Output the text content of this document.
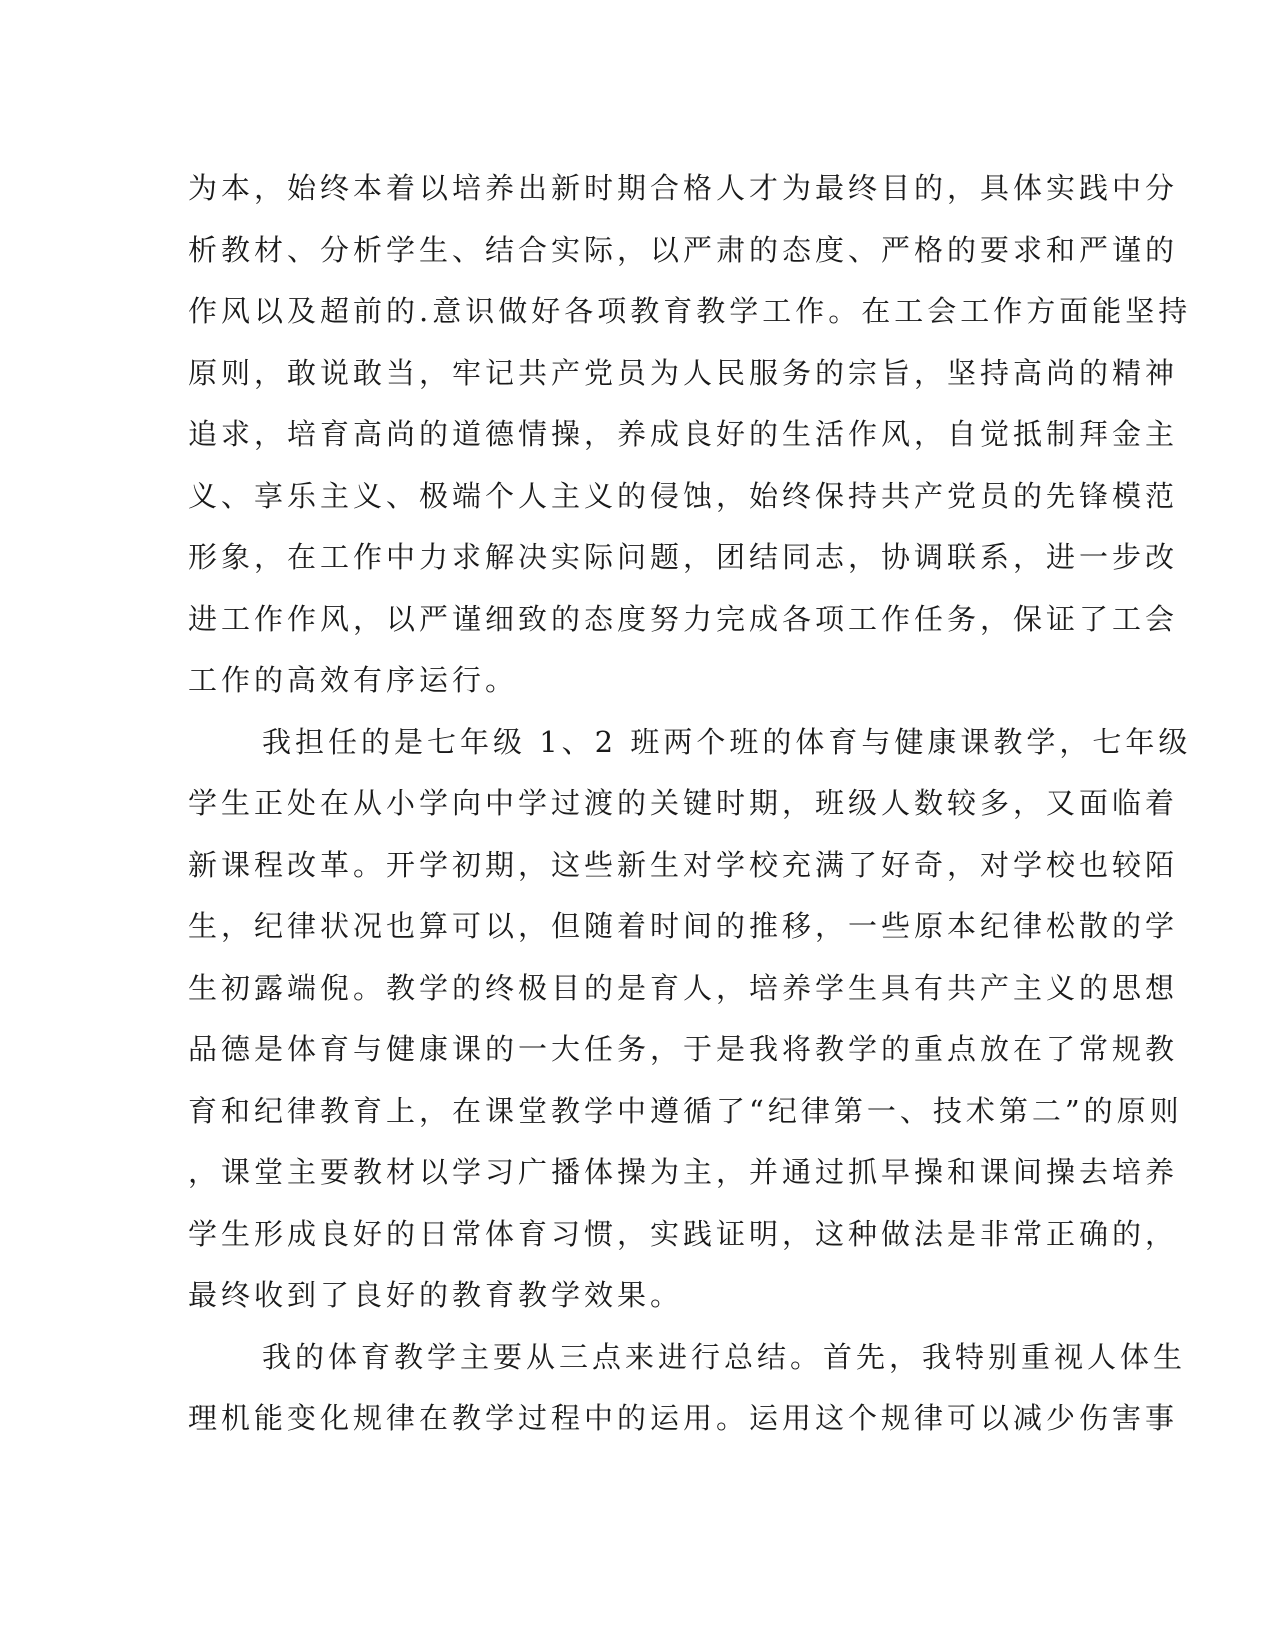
为本，始终本着以培养出新时期合格人才为最终目的，具体实践中分
析教材、分析学生、结合实际，以严肃的态度、严格的要求和严谨的
作风以及超前的.意识做好各项教育教学工作。在工会工作方面能坚持
原则，敢说敢当，牢记共产党员为人民服务的宗旨，坚持高尚的精神
追求，培育高尚的道德情操，养成良好的生活作风，自觉抵制拜金主
义、享乐主义、极端个人主义的侵蚀，始终保持共产党员的先锋模范
形象，在工作中力求解决实际问题，团结同志，协调联系，进一步改
进工作作风，以严谨细致的态度努力完成各项工作任务，保证了工会
工作的高效有序运行。
我担任的是七年级 1、2 班两个班的体育与健康课教学，七年级
学生正处在从小学向中学过渡的关键时期，班级人数较多，又面临着
新课程改革。开学初期，这些新生对学校充满了好奇，对学校也较陌
生，纪律状况也算可以，但随着时间的推移，一些原本纪律松散的学
生初露端倪。教学的终极目的是育人，培养学生具有共产主义的思想
品德是体育与健康课的一大任务，于是我将教学的重点放在了常规教
育和纪律教育上，在课堂教学中遵循了“纪律第一、技术第二”的原则
，课堂主要教材以学习广播体操为主，并通过抓早操和课间操去培养
学生形成良好的日常体育习惯，实践证明，这种做法是非常正确的，
最终收到了良好的教育教学效果。
我的体育教学主要从三点来进行总结。首先，我特别重视人体生
理机能变化规律在教学过程中的运用。运用这个规律可以减少伤害事
